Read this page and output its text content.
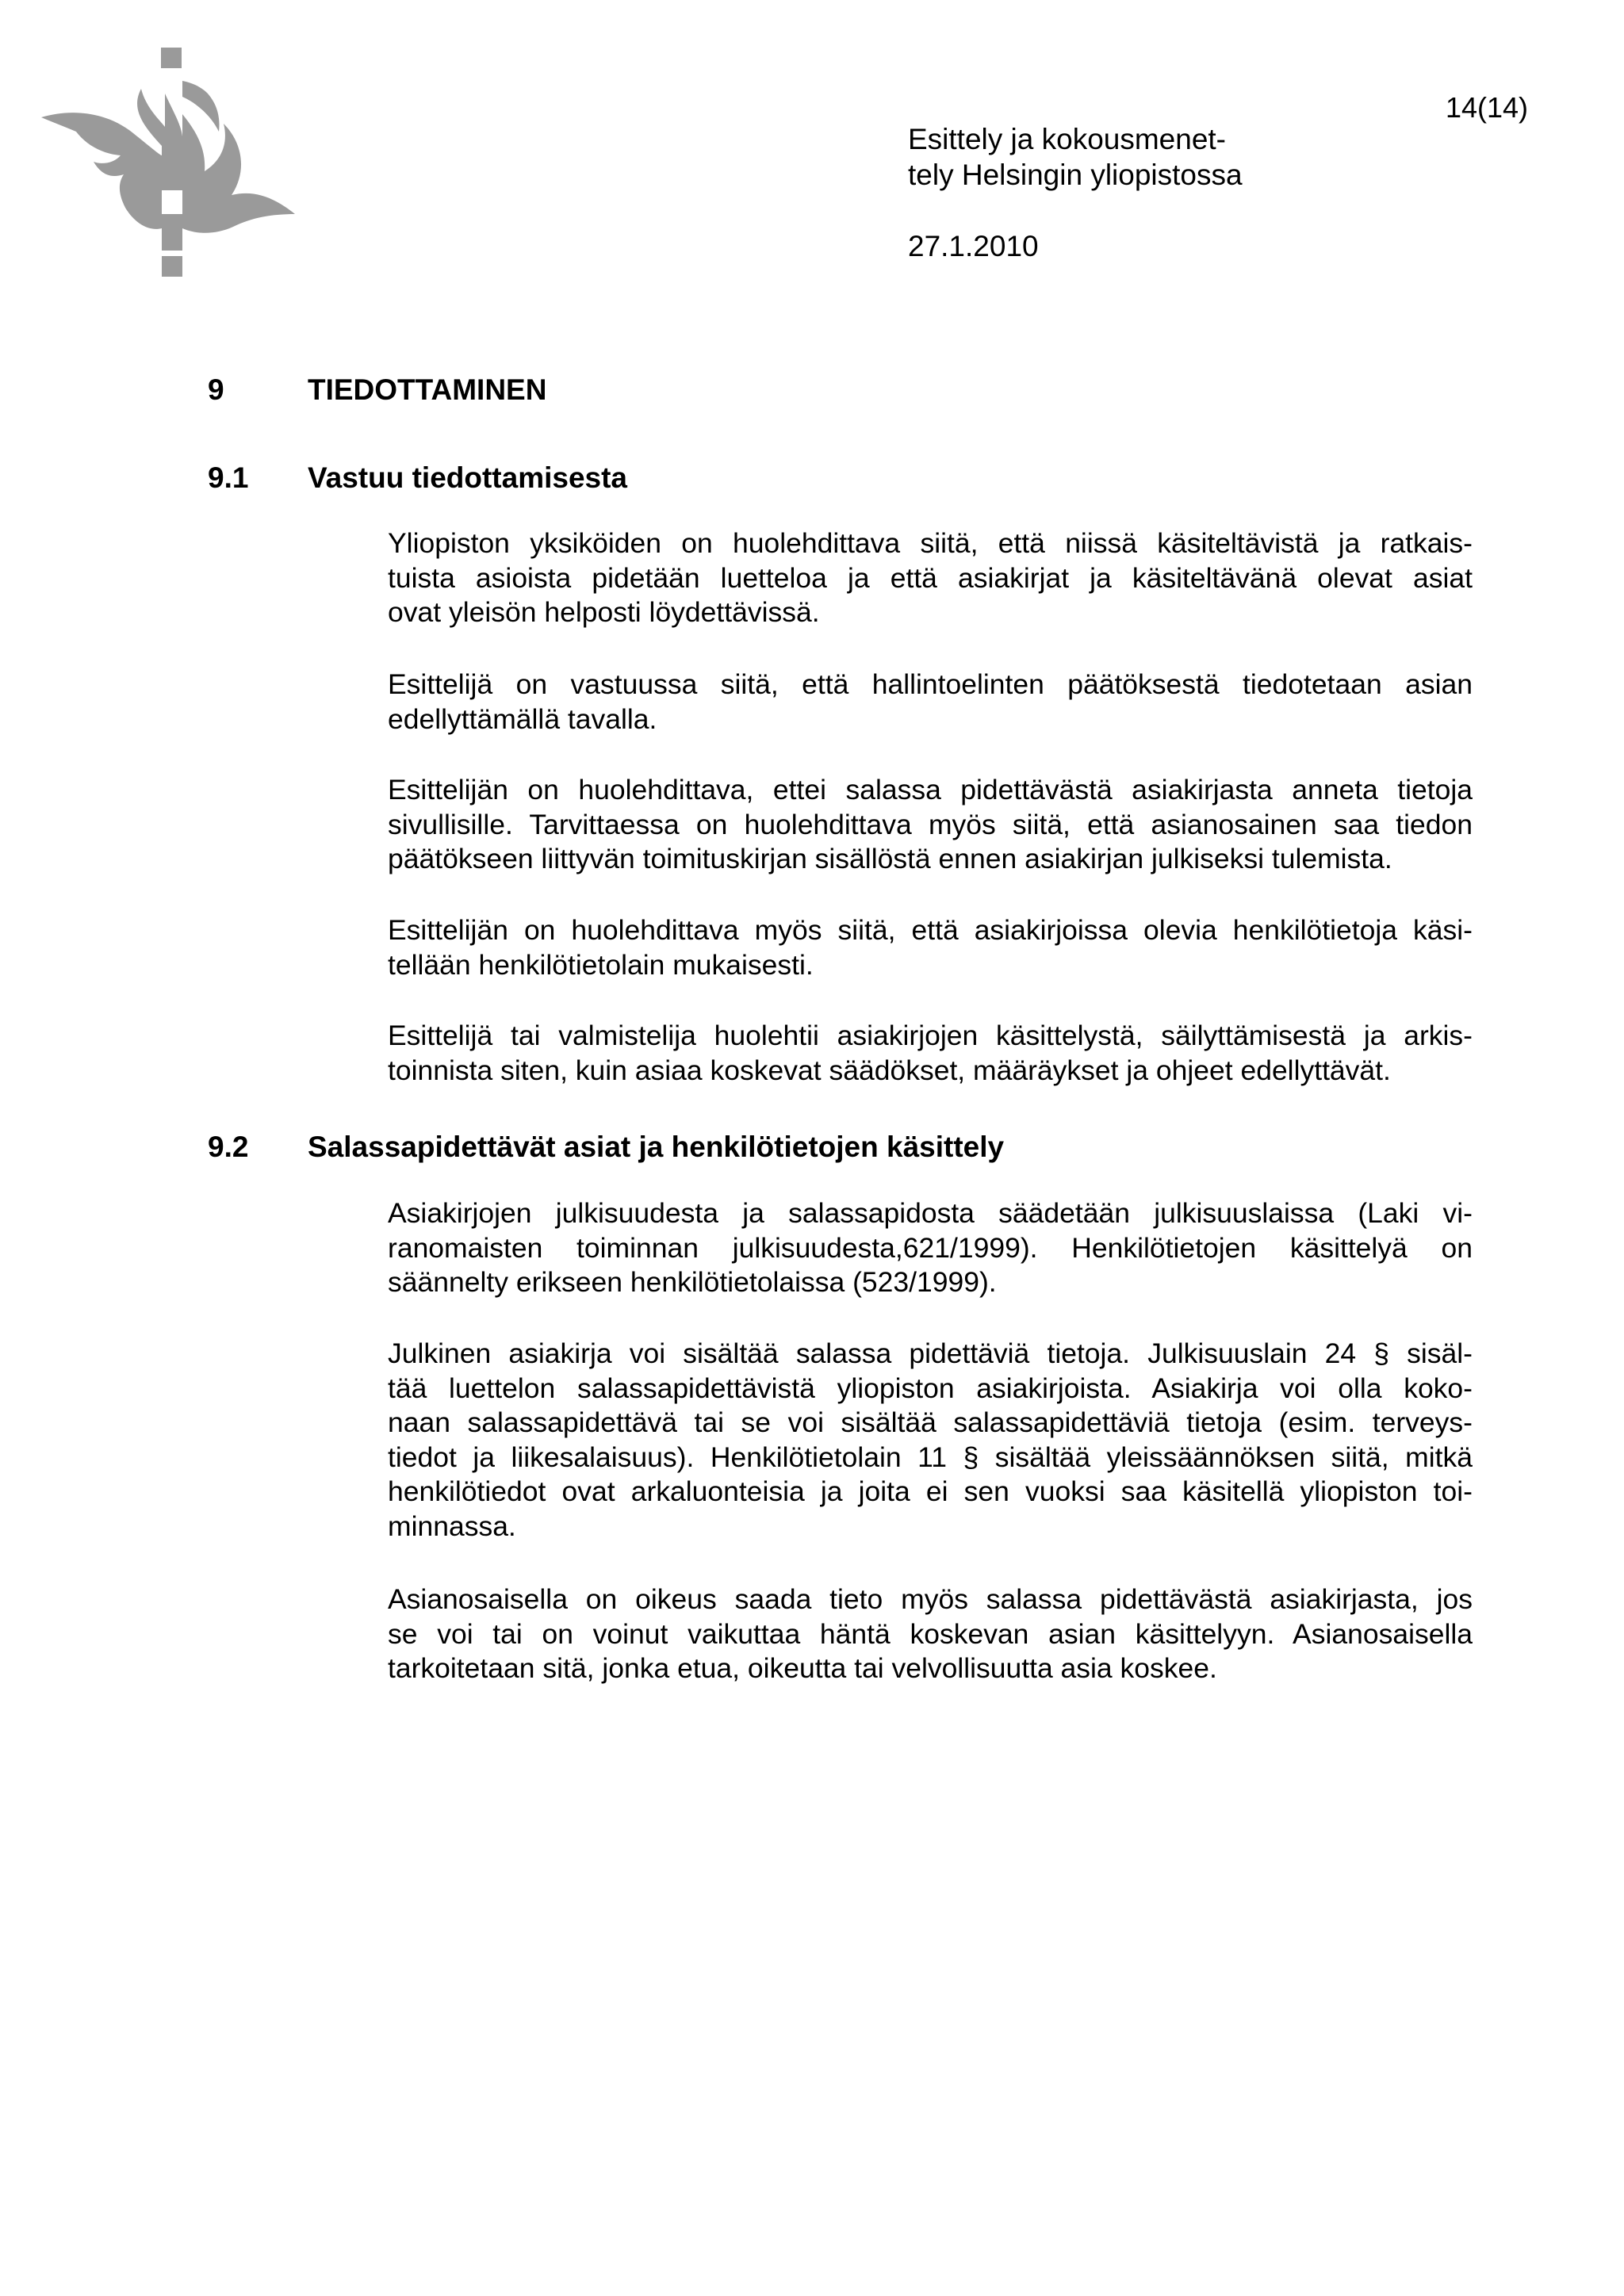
14(14)
Esittely ja kokousmenet-
tely Helsingin yliopistossa
27.1.2010
9	TIEDOTTAMINEN
9.1 Vastuu tiedottamisesta
Yliopiston yksiköiden on huolehdittava siitä, että niissä käsiteltävistä ja ratkais-
tuista asioista pidetään luetteloa ja että asiakirjat ja käsiteltävänä olevat asiat
ovat yleisön helposti löydettävissä.
Esittelijä on vastuussa siitä, että hallintoelinten päätöksestä tiedotetaan asian
edellyttämällä tavalla.
Esittelijän on huolehdittava, ettei salassa pidettävästä asiakirjasta anneta tietoja
sivullisille. Tarvittaessa on huolehdittava myös siitä, että asianosainen saa tiedon
päätökseen liittyvän toimituskirjan sisällöstä ennen asiakirjan julkiseksi tulemista.
Esittelijän on huolehdittava myös siitä, että asiakirjoissa olevia henkilötietoja käsi-
tellään henkilötietolain mukaisesti.
Esittelijä tai valmistelija huolehtii asiakirjojen käsittelystä, säilyttämisestä ja arkis-
toinnista siten, kuin asiaa koskevat säädökset, määräykset ja ohjeet edellyttävät.
9.2 Salassapidettävät asiat ja henkilötietojen käsittely
Asiakirjojen julkisuudesta ja salassapidosta säädetään julkisuuslaissa (Laki vi-
ranomaisten toiminnan julkisuudesta,621/1999). Henkilötietojen käsittelyä on
säännelty erikseen henkilötietolaissa (523/1999).
Julkinen asiakirja voi sisältää salassa pidettäviä tietoja. Julkisuuslain 24 § sisäl-
tää luettelon salassapidettävistä yliopiston asiakirjoista. Asiakirja voi olla koko-
naan salassapidettävä tai se voi sisältää salassapidettäviä tietoja (esim. terveys-
tiedot ja liikesalaisuus). Henkilötietolain 11 § sisältää yleissäännöksen siitä, mitkä
henkilötiedot ovat arkaluonteisia ja joita ei sen vuoksi saa käsitellä yliopiston toi-
minnassa.
Asianosaisella on oikeus saada tieto myös salassa pidettävästä asiakirjasta, jos
se voi tai on voinut vaikuttaa häntä koskevan asian käsittelyyn. Asianosaisella
tarkoitetaan sitä, jonka etua, oikeutta tai velvollisuutta asia koskee.
